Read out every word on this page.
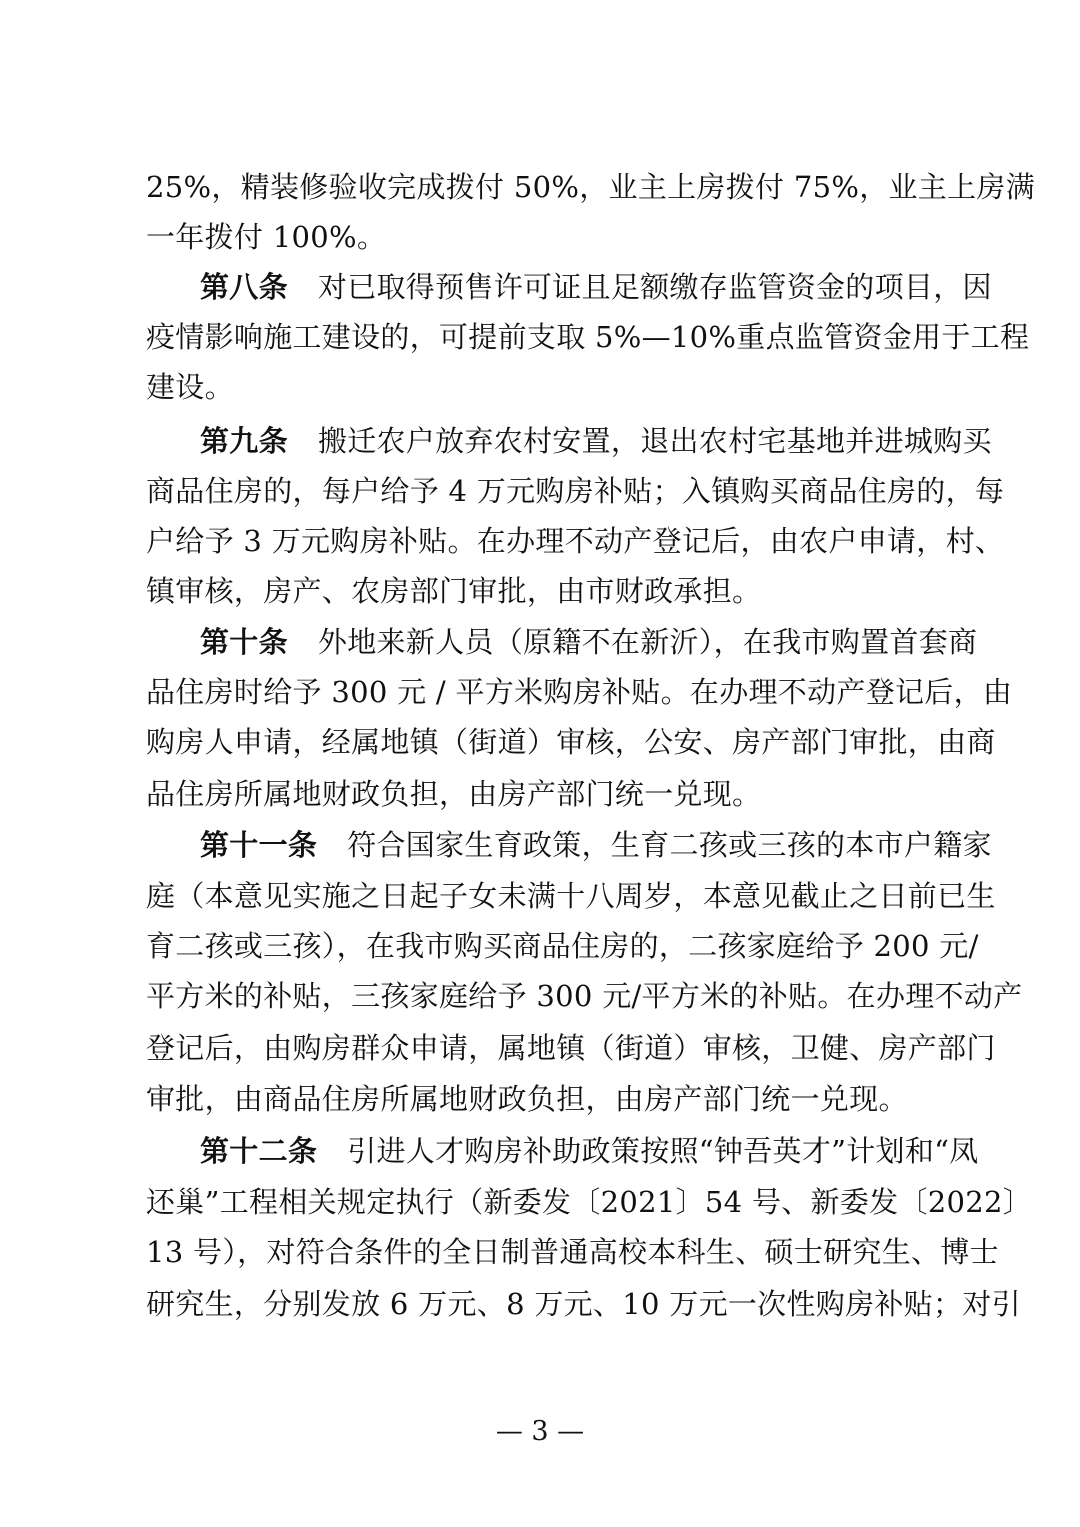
25%，精装修验收完成拨付 50%，业主上房拨付 75%，业主上房满
一年拨付 100%。
第八条 对已取得预售许可证且足额缴存监管资金的项目，因
疫情影响施工建设的，可提前支取 5%—10%重点监管资金用于工程
建设。
第九条 搬迁农户放弃农村安置，退出农村宅基地并进城购买
商品住房的，每户给予 4 万元购房补贴；入镇购买商品住房的，每
户给予 3 万元购房补贴。在办理不动产登记后，由农户申请，村、
镇审核，房产、农房部门审批，由市财政承担。
第十条 外地来新人员（原籍不在新沂），在我市购置首套商
品住房时给予 300 元 / 平方米购房补贴。在办理不动产登记后，由
购房人申请，经属地镇（街道）审核，公安、房产部门审批，由商
品住房所属地财政负担，由房产部门统一兑现。
第十一条 符合国家生育政策，生育二孩或三孩的本市户籍家
庭（本意见实施之日起子女未满十八周岁，本意见截止之日前已生
育二孩或三孩），在我市购买商品住房的，二孩家庭给予 200 元/
平方米的补贴，三孩家庭给予 300 元/平方米的补贴。在办理不动产
登记后，由购房群众申请，属地镇（街道）审核，卫健、房产部门
审批，由商品住房所属地财政负担，由房产部门统一兑现。
第十二条 引进人才购房补助政策按照“钟吾英才”计划和“凤
还巢”工程相关规定执行（新委发〔2021〕54 号、新委发〔2022〕
13 号），对符合条件的全日制普通高校本科生、硕士研究生、博士
研究生，分别发放 6 万元、8 万元、10 万元一次性购房补贴；对引
— 3 —
